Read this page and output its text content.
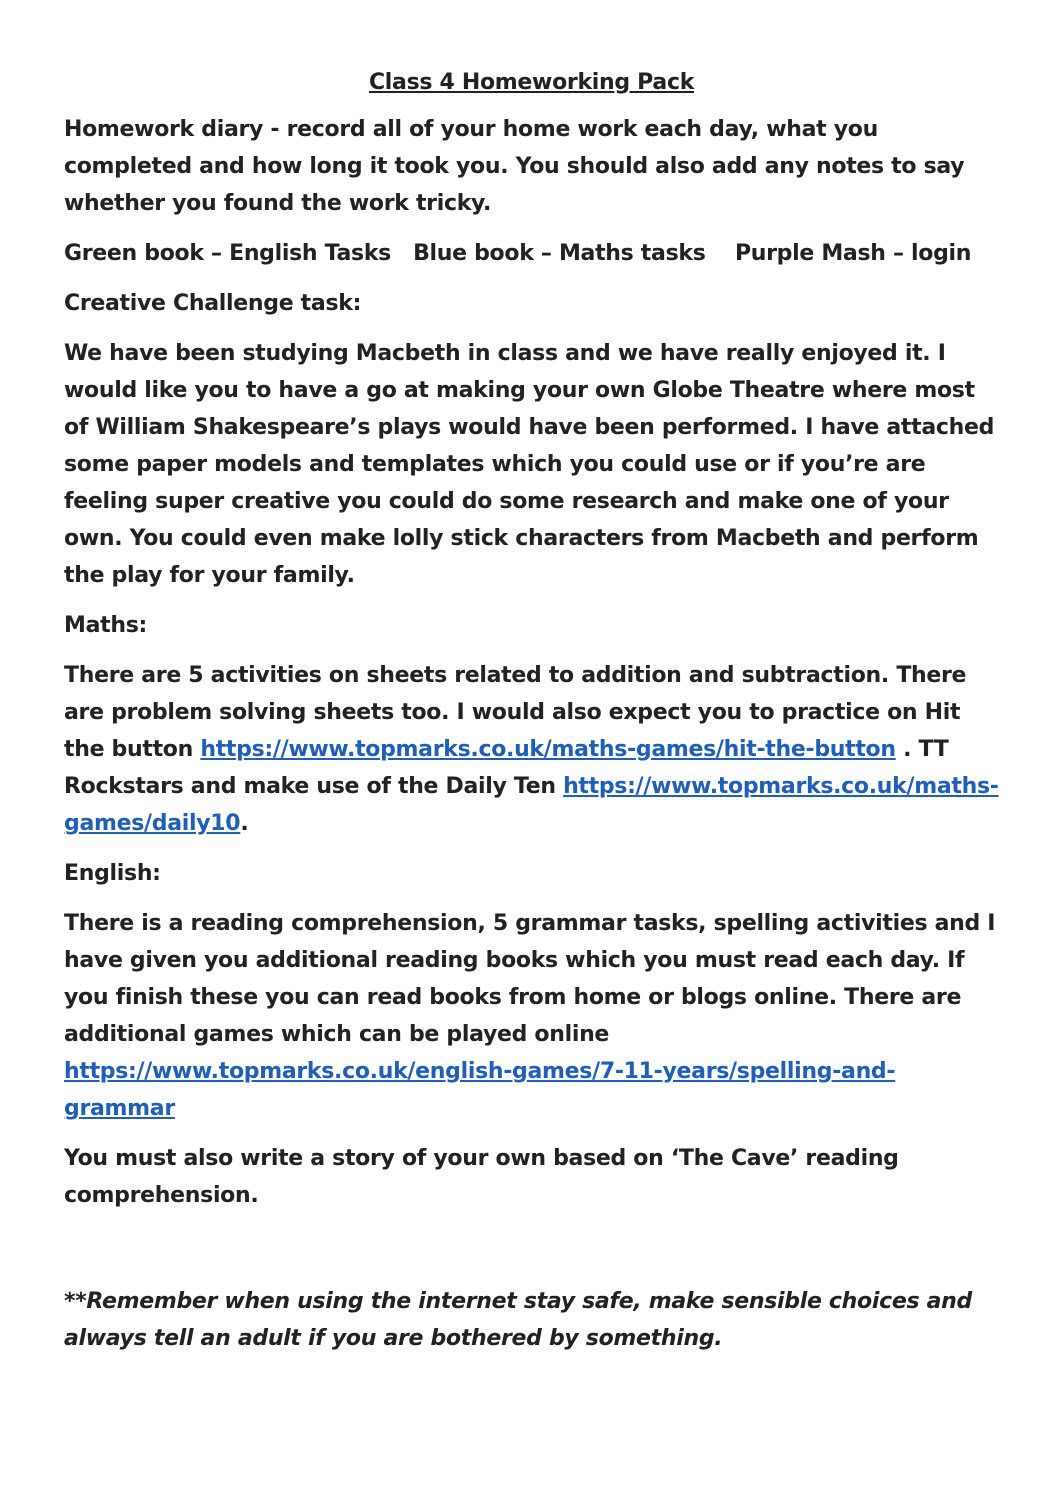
Class 4 Homeworking Pack

Homework diary - record all of your home work each day, what you completed and how long it took you. You should also add any notes to say whether you found the work tricky.

Green book – English Tasks Blue book – Maths tasks Purple Mash – login

Creative Challenge task:

We have been studying Macbeth in class and we have really enjoyed it. I would like you to have a go at making your own Globe Theatre where most of William Shakespeare’s plays would have been performed. I have attached some paper models and templates which you could use or if you’re are feeling super creative you could do some research and make one of your own. You could even make lolly stick characters from Macbeth and perform the play for your family.

Maths:

There are 5 activities on sheets related to addition and subtraction. There are problem solving sheets too. I would also expect you to practice on Hit the button https://www.topmarks.co.uk/maths-games/hit-the-button . TT Rockstars and make use of the Daily Ten https://www.topmarks.co.uk/maths-games/daily10.

English:

There is a reading comprehension, 5 grammar tasks, spelling activities and I have given you additional reading books which you must read each day. If you finish these you can read books from home or blogs online. There are additional games which can be played online https://www.topmarks.co.uk/english-games/7-11-years/spelling-and-grammar

You must also write a story of your own based on ‘The Cave’ reading comprehension.

**Remember when using the internet stay safe, make sensible choices and always tell an adult if you are bothered by something.
